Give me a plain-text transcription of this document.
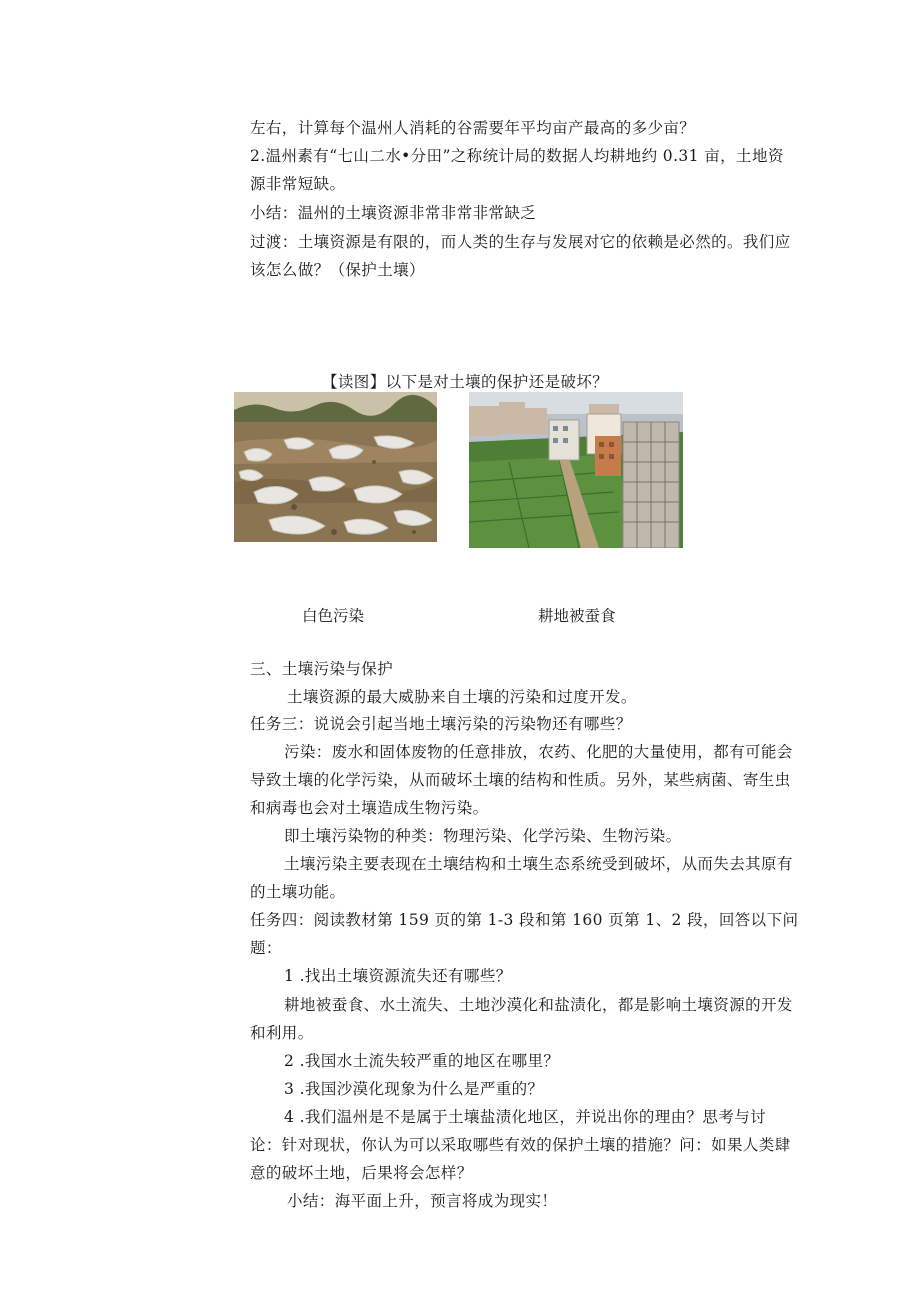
左右，计算每个温州人消耗的谷需要年平均亩产最高的多少亩？
2.温州素有“七山二水•分田”之称统计局的数据人均耕地约 0.31 亩，土地资
源非常短缺。
小结：温州的土壤资源非常非常非常缺乏
过渡：土壤资源是有限的，而人类的生存与发展对它的依赖是必然的。我们应
该怎么做？（保护土壤）
【读图】以下是对土壤的保护还是破坏？
白色污染	耕地被蚕食
三、土壤污染与保护
土壤资源的最大威胁来自土壤的污染和过度开发。
任务三：说说会引起当地土壤污染的污染物还有哪些？
污染：废水和固体废物的任意排放，农药、化肥的大量使用，都有可能会
导致土壤的化学污染，从而破坏土壤的结构和性质。另外，某些病菌、寄生虫
和病毒也会对土壤造成生物污染。
即土壤污染物的种类：物理污染、化学污染、生物污染。
土壤污染主要表现在土壤结构和土壤生态系统受到破坏，从而失去其原有
的土壤功能。
任务四：阅读教材第 159 页的第 1-3 段和第 160 页第 1、2 段，回答以下问
题：
1 .找出土壤资源流失还有哪些？
耕地被蚕食、水土流失、土地沙漠化和盐渍化，都是影响土壤资源的开发
和利用。
2 .我国水土流失较严重的地区在哪里？
3 .我国沙漠化现象为什么是严重的？
4 .我们温州是不是属于土壤盐渍化地区，并说出你的理由？思考与讨
论：针对现状，你认为可以采取哪些有效的保护土壤的措施？问：如果人类肆
意的破坏土地，后果将会怎样？
小结：海平面上升，预言将成为现实！
